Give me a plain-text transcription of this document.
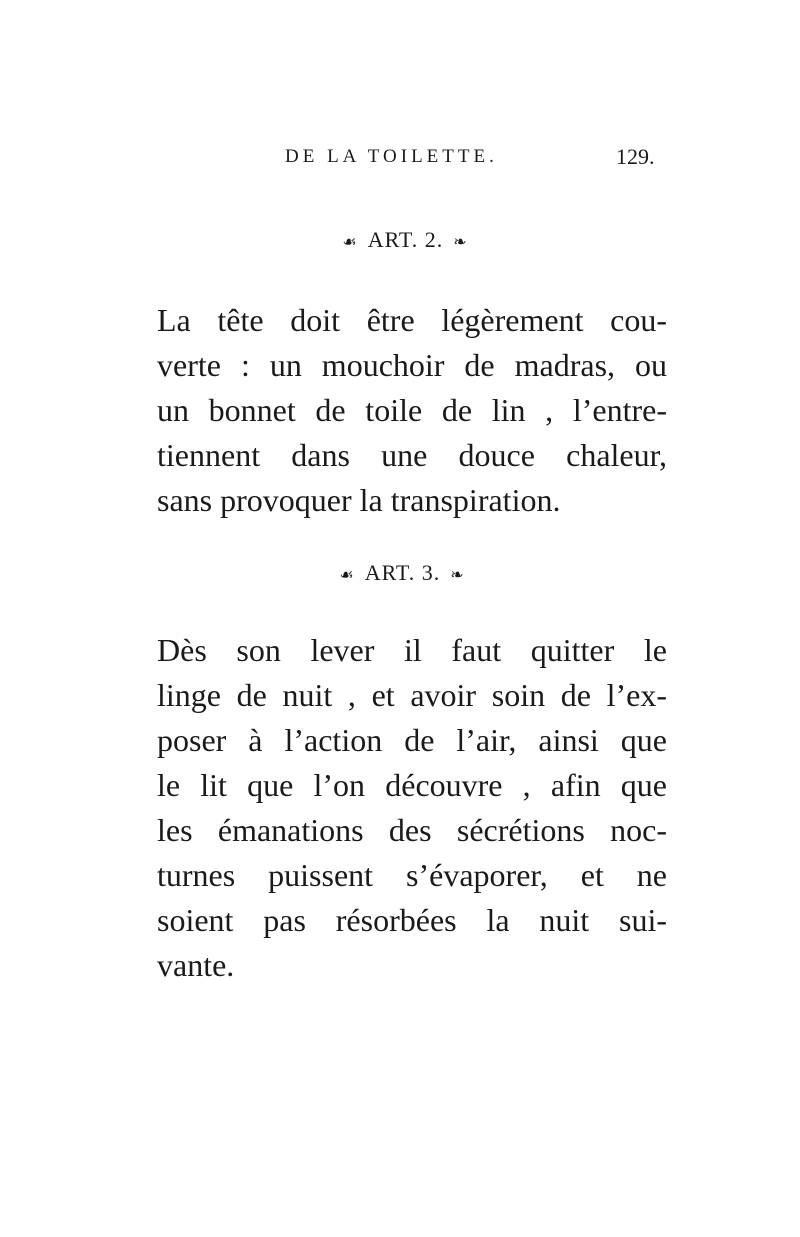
DE LA TOILETTE.	129.
☙ ART. 2. ❧
La tête doit être légèrement cou-
verte : un mouchoir de madras, ou
un bonnet de toile de lin , l’entre-
tiennent dans une douce chaleur,
sans provoquer la transpiration.
☙ ART. 3. ❧
Dès son lever il faut quitter le
linge de nuit , et avoir soin de l’ex-
poser à l’action de l’air, ainsi que
le lit que l’on découvre , afin que
les émanations des sécrétions noc-
turnes puissent s’évaporer, et ne
soient pas résorbées la nuit sui-
vante.
